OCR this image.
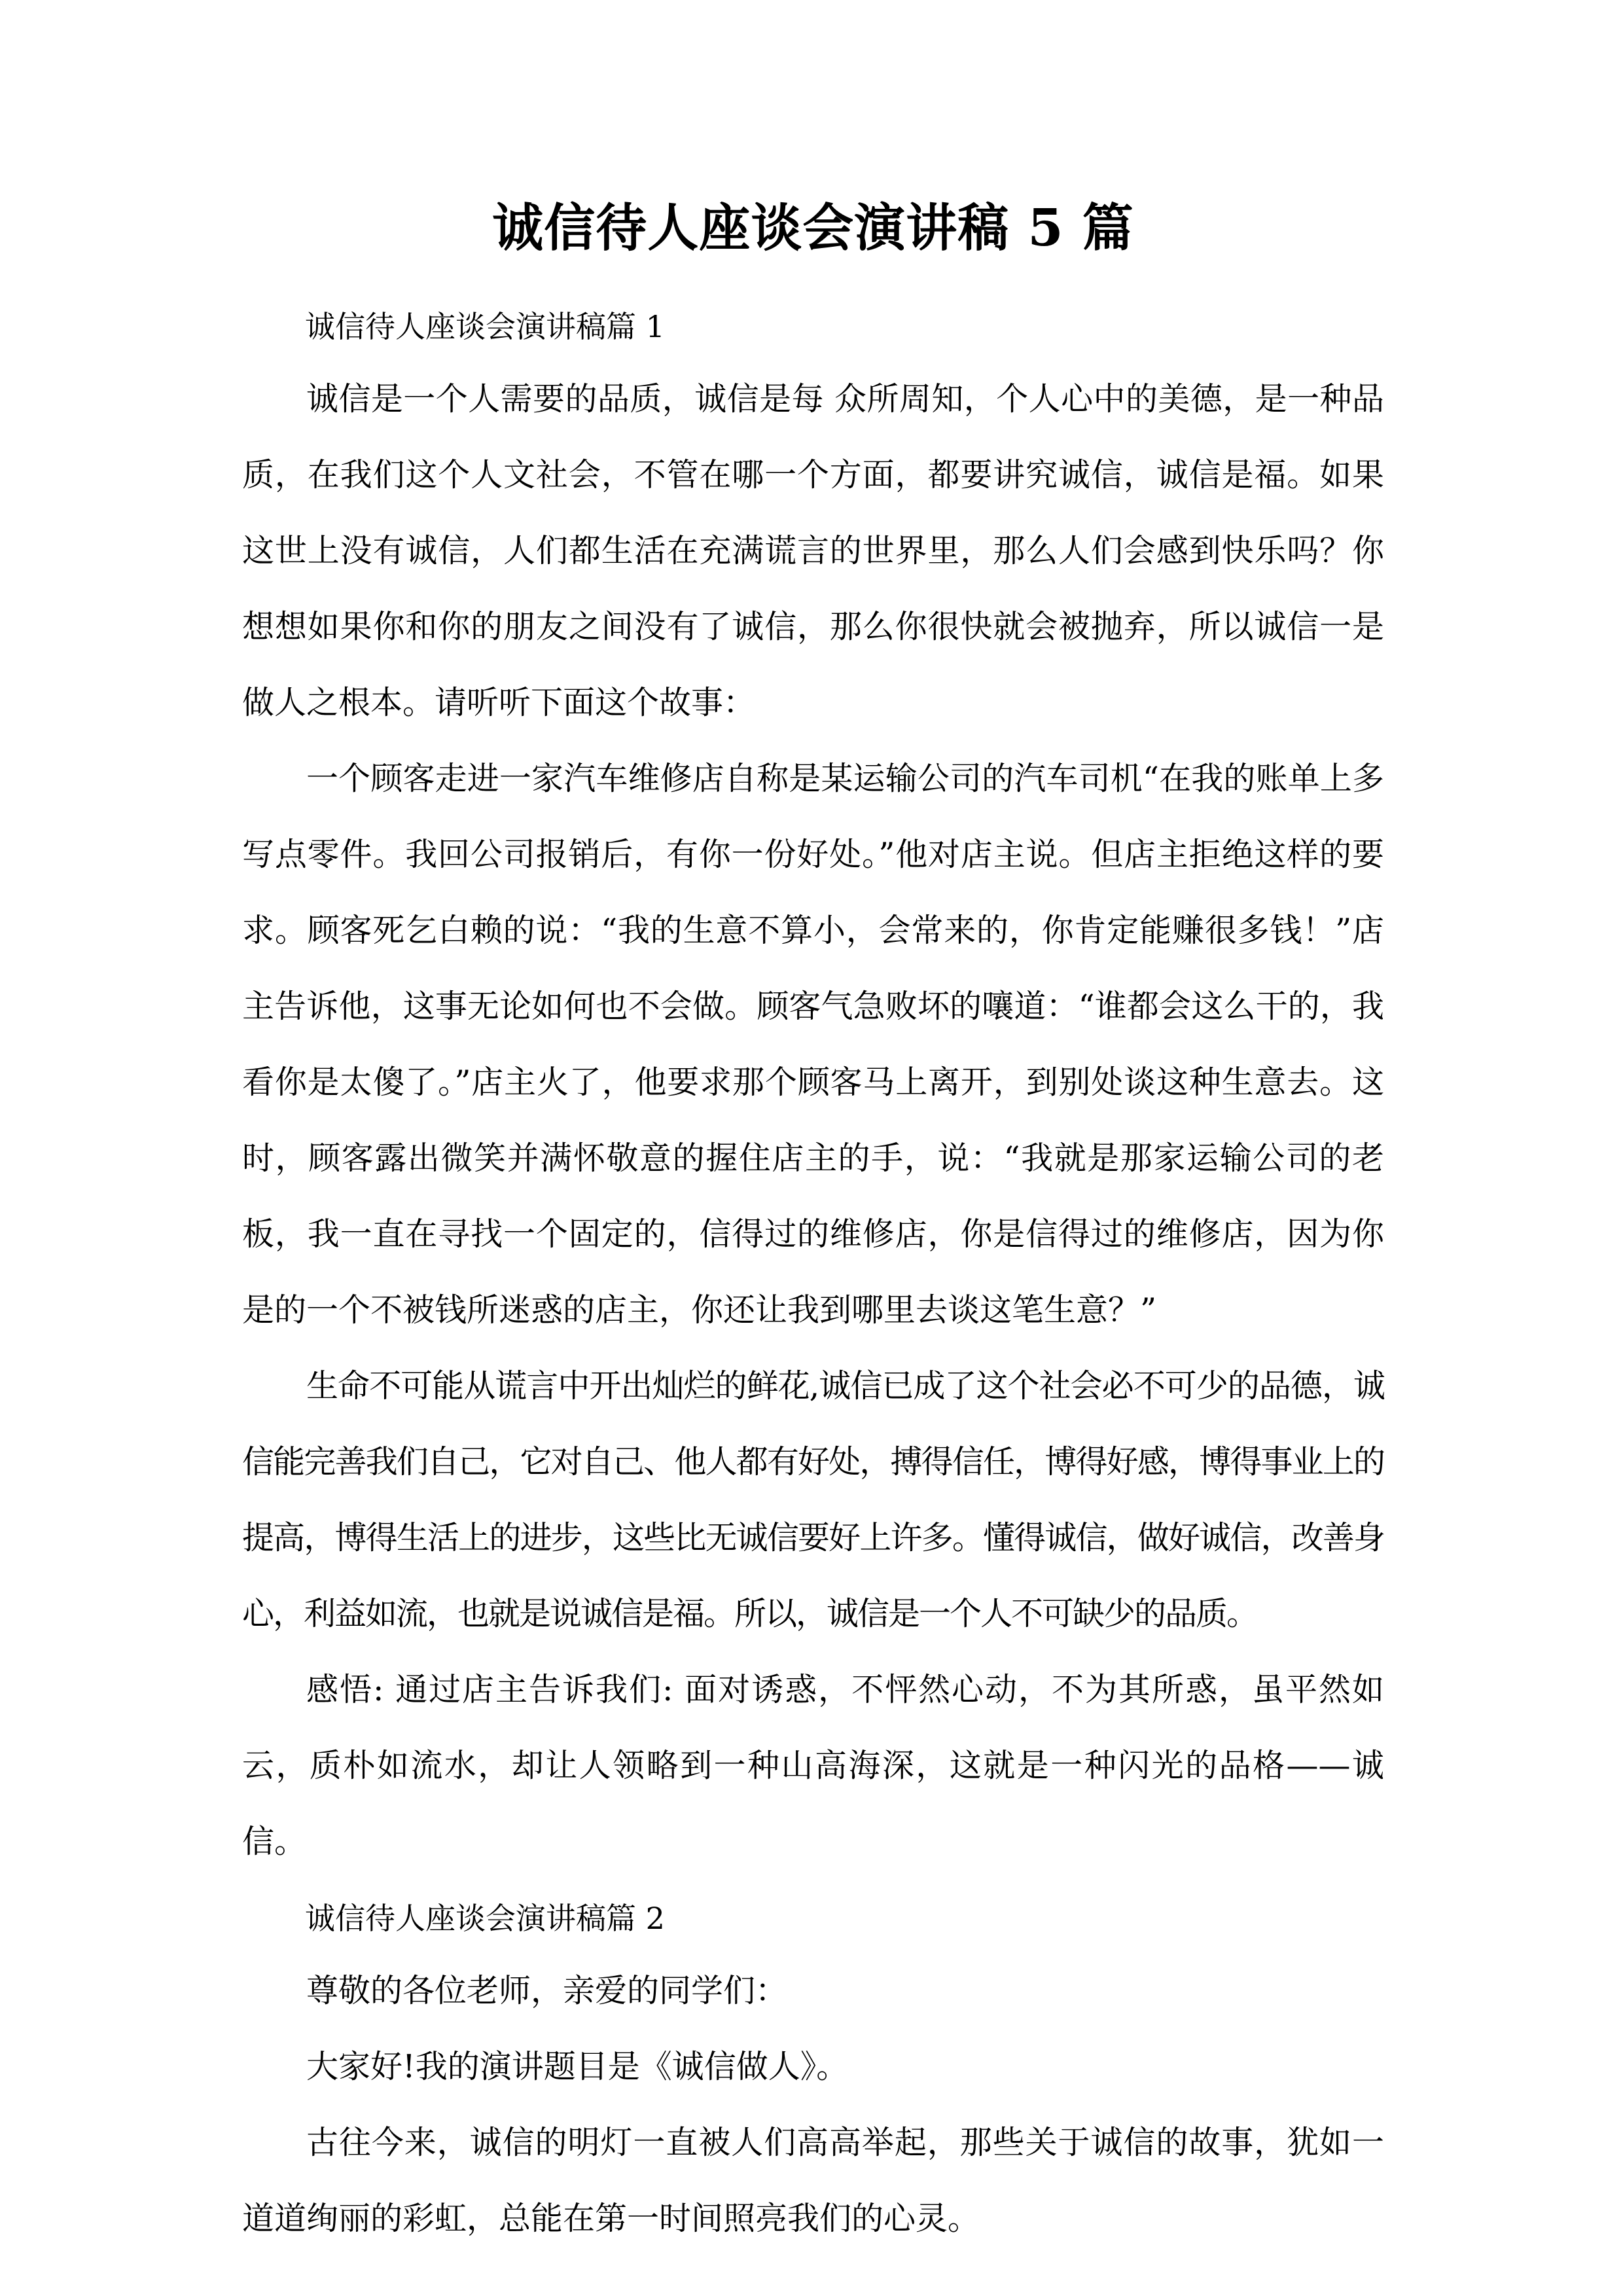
诚信待人座谈会演讲稿 5 篇
诚信待人座谈会演讲稿篇 1

诚信是一个人需要的品质，诚信是每 众所周知，个人心中的美德，是一种品质，在我们这个人文社会，不管在哪一个方面，都要讲究诚信，诚信是福。如果这世上没有诚信，人们都生活在充满谎言的世界里，那么人们会感到快乐吗？你想想如果你和你的朋友之间没有了诚信，那么你很快就会被抛弃，所以诚信一是做人之根本。请听听下面这个故事：

一个顾客走进一家汽车维修店自称是某运输公司的汽车司机“在我的账单上多写点零件。我回公司报销后，有你一份好处。”他对店主说。但店主拒绝这样的要求。顾客死乞白赖的说：“我的生意不算小，会常来的，你肯定能赚很多钱！”店主告诉他，这事无论如何也不会做。顾客气急败坏的嚷道：“谁都会这么干的，我看你是太傻了。”店主火了，他要求那个顾客马上离开，到别处谈这种生意去。这时，顾客露出微笑并满怀敬意的握住店主的手，说：“我就是那家运输公司的老板，我一直在寻找一个固定的，信得过的维修店，你是信得过的维修店，因为你是的一个不被钱所迷惑的店主，你还让我到哪里去谈这笔生意？”

生命不可能从谎言中开出灿烂的鲜花,诚信已成了这个社会必不可少的品德，诚信能完善我们自己，它对自己、他人都有好处，搏得信任，博得好感，博得事业上的提高，博得生活上的进步，这些比无诚信要好上许多。懂得诚信，做好诚信，改善身心，利益如流，也就是说诚信是福。所以，诚信是一个人不可缺少的品质。

感悟: 通过店主告诉我们: 面对诱惑，不怦然心动，不为其所惑，虽平然如云，质朴如流水，却让人领略到一种山高海深，这就是一种闪光的品格——诚信。

诚信待人座谈会演讲稿篇 2

尊敬的各位老师，亲爱的同学们：

大家好!我的演讲题目是《诚信做人》。

古往今来，诚信的明灯一直被人们高高举起，那些关于诚信的故事，犹如一道道绚丽的彩虹，总能在第一时间照亮我们的心灵。
